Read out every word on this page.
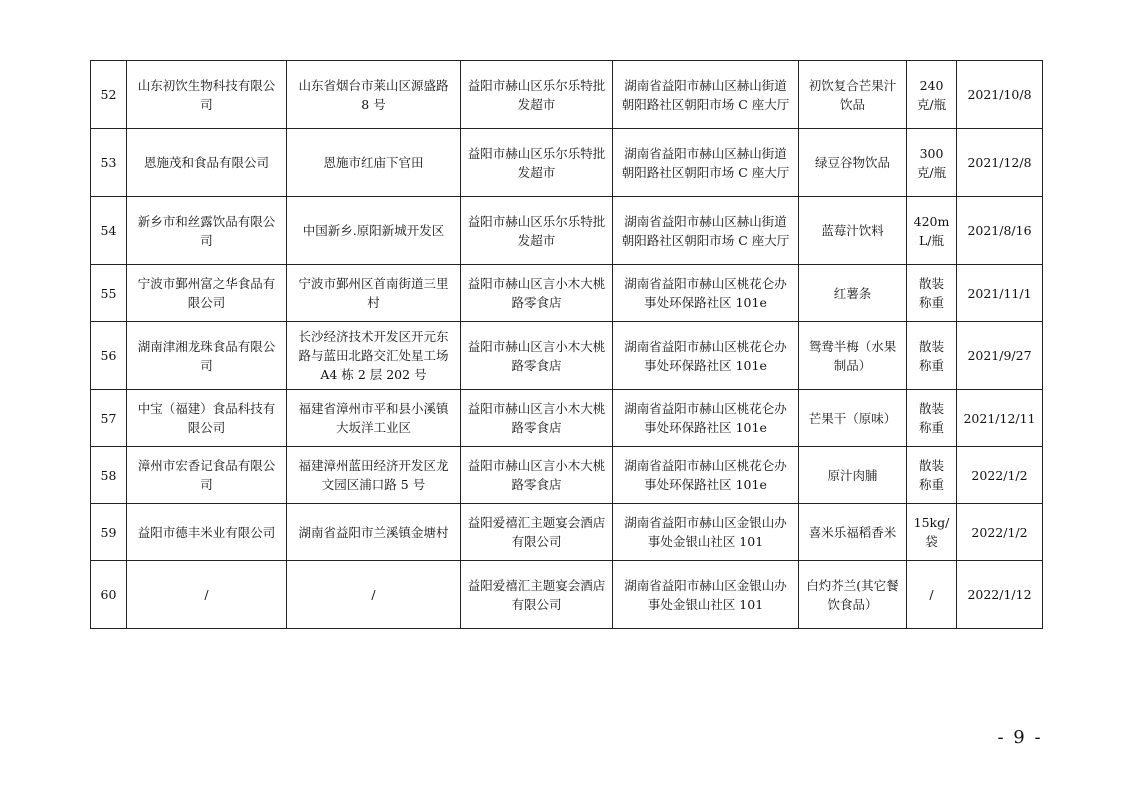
52	山东初饮生物科技有限公司	山东省烟台市莱山区源盛路 8 号	益阳市赫山区乐尔乐特批发超市	湖南省益阳市赫山区赫山街道朝阳路社区朝阳市场 C 座大厅	初饮复合芒果汁饮品	240 克/瓶	2021/10/8
53	恩施茂和食品有限公司	恩施市红庙下官田	益阳市赫山区乐尔乐特批发超市	湖南省益阳市赫山区赫山街道朝阳路社区朝阳市场 C 座大厅	绿豆谷物饮品	300 克/瓶	2021/12/8
54	新乡市和丝露饮品有限公司	中国新乡.原阳新城开发区	益阳市赫山区乐尔乐特批发超市	湖南省益阳市赫山区赫山街道朝阳路社区朝阳市场 C 座大厅	蓝莓汁饮料	420mL/瓶	2021/8/16
55	宁波市鄞州富之华食品有限公司	宁波市鄞州区首南街道三里村	益阳市赫山区言小木大桃路零食店	湖南省益阳市赫山区桃花仑办事处环保路社区 101e	红薯条	散装称重	2021/11/1
56	湖南津湘龙珠食品有限公司	长沙经济技术开发区开元东路与蓝田北路交汇处星工场 A4 栋 2 层 202 号	益阳市赫山区言小木大桃路零食店	湖南省益阳市赫山区桃花仑办事处环保路社区 101e	鸳鸯半梅（水果制品）	散装称重	2021/9/27
57	中宝（福建）食品科技有限公司	福建省漳州市平和县小溪镇大坂洋工业区	益阳市赫山区言小木大桃路零食店	湖南省益阳市赫山区桃花仑办事处环保路社区 101e	芒果干（原味）	散装称重	2021/12/11
58	漳州市宏香记食品有限公司	福建漳州蓝田经济开发区龙文园区浦口路 5 号	益阳市赫山区言小木大桃路零食店	湖南省益阳市赫山区桃花仑办事处环保路社区 101e	原汁肉脯	散装称重	2022/1/2
59	益阳市德丰米业有限公司	湖南省益阳市兰溪镇金塘村	益阳爱禧汇主题宴会酒店有限公司	湖南省益阳市赫山区金银山办事处金银山社区 101	喜米乐福稻香米	15kg/袋	2022/1/2
60	/	/	益阳爱禧汇主题宴会酒店有限公司	湖南省益阳市赫山区金银山办事处金银山社区 101	白灼芥兰(其它餐饮食品）	/	2022/1/12
- 9 -
